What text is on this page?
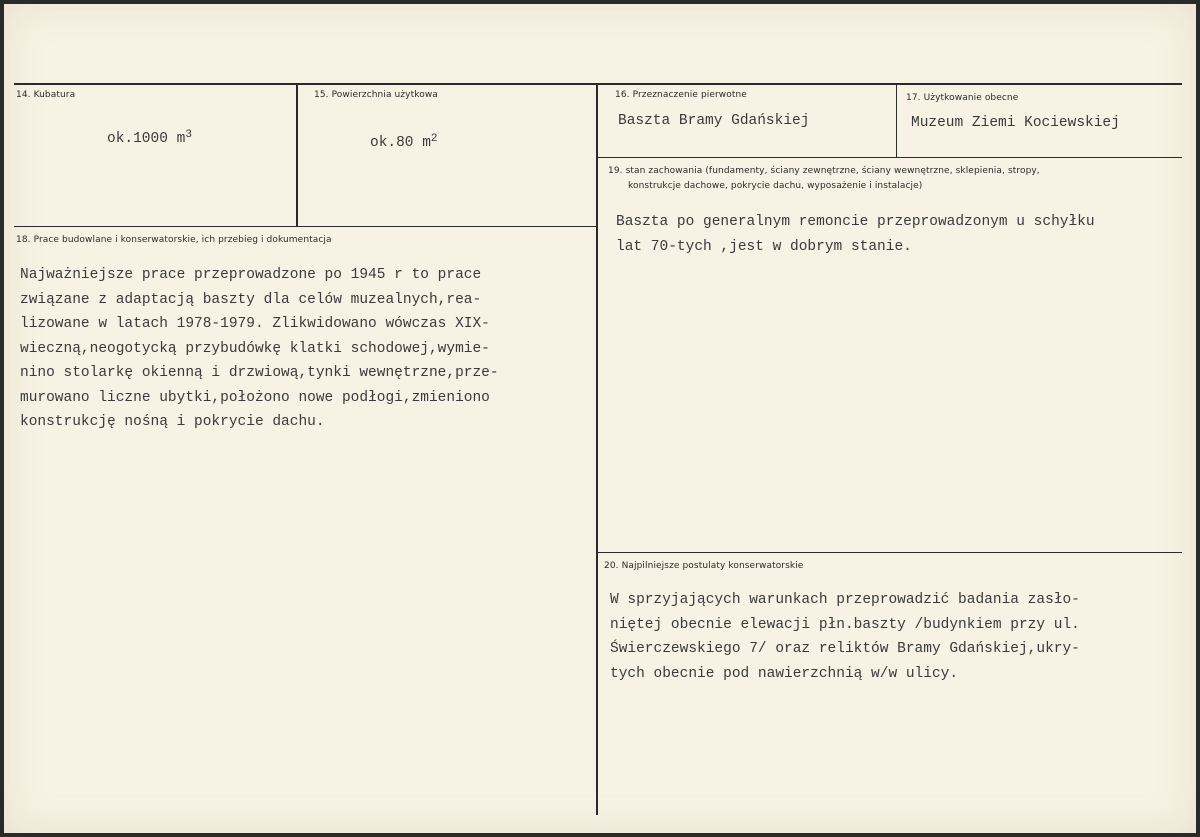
14. Kubatura
ok.1000 $m^3$
15. Powierzchnia użytkowa
ok.80 $m^2$
16. Przeznaczenie pierwotne
Baszta Bramy Gdańskiej
17. Użytkowanie obecne
Muzeum Ziemi Kociewskiej
18. Prace budowlane i konserwatorskie, ich przebieg i dokumentacja
Najważniejsze prace przeprowadzone po 1945 r to prace
związane z adaptacją baszty dla celów muzealnych,rea-
lizowane w latach 1978-1979. Zlikwidowano wówczas XIX-
wieczną,neogotycką przybudówkę klatki schodowej,wymie-
nino stolarkę okienną i drzwiową,tynki wewnętrzne,prze-
murowano liczne ubytki,położono nowe podłogi,zmieniono
konstrukcję nośną i pokrycie dachu.
19. stan zachowania (fundamenty, ściany zewnętrzne, ściany wewnętrzne, sklepienia, stropy,
konstrukcje dachowe, pokrycie dachu, wyposażenie i instalacje)
Baszta po generalnym remoncie przeprowadzonym u schyłku
lat 70-tych ,jest w dobrym stanie.
20. Najpilniejsze postulaty konserwatorskie
W sprzyjających warunkach przeprowadzić badania zasło-
niętej obecnie elewacji płn.baszty /budynkiem przy ul.
Świerczewskiego 7/ oraz reliktów Bramy Gdańskiej,ukry-
tych obecnie pod nawierzchnią w/w ulicy.
